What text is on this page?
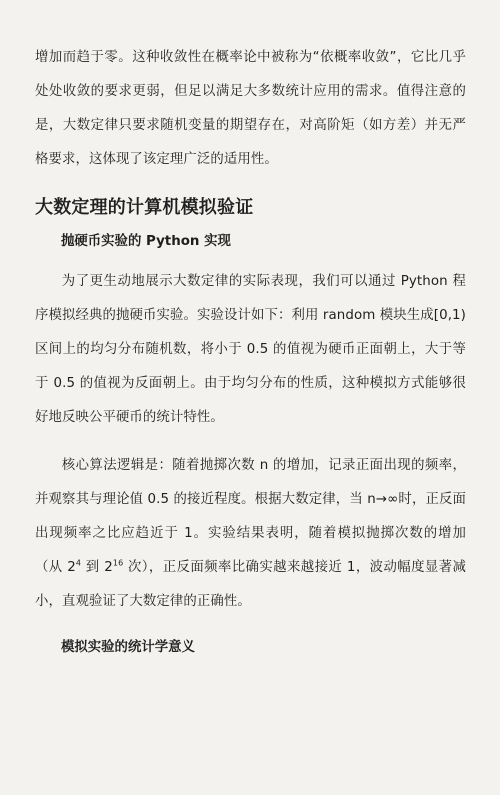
增加而趋于零。这种收敛性在概率论中被称为“依概率收敛”，它比几乎处处收敛的要求更弱，但足以满足大多数统计应用的需求。值得注意的是，大数定律只要求随机变量的期望存在，对高阶矩（如方差）并无严格要求，这体现了该定理广泛的适用性。

大数定理的计算机模拟验证
抛硬币实验的 Python 实现

为了更生动地展示大数定律的实际表现，我们可以通过 Python 程序模拟经典的抛硬币实验。实验设计如下：利用 random 模块生成[0,1)区间上的均匀分布随机数，将小于 0.5 的值视为硬币正面朝上，大于等于 0.5 的值视为反面朝上。由于均匀分布的性质，这种模拟方式能够很好地反映公平硬币的统计特性。

核心算法逻辑是：随着抛掷次数 n 的增加，记录正面出现的频率，并观察其与理论值 0.5 的接近程度。根据大数定律，当 n→∞时，正反面出现频率之比应趋近于 1。实验结果表明，随着模拟抛掷次数的增加（从 $2^4$ 到 $2^{16}$ 次），正反面频率比确实越来越接近 1，波动幅度显著减小，直观验证了大数定律的正确性。

模拟实验的统计学意义
